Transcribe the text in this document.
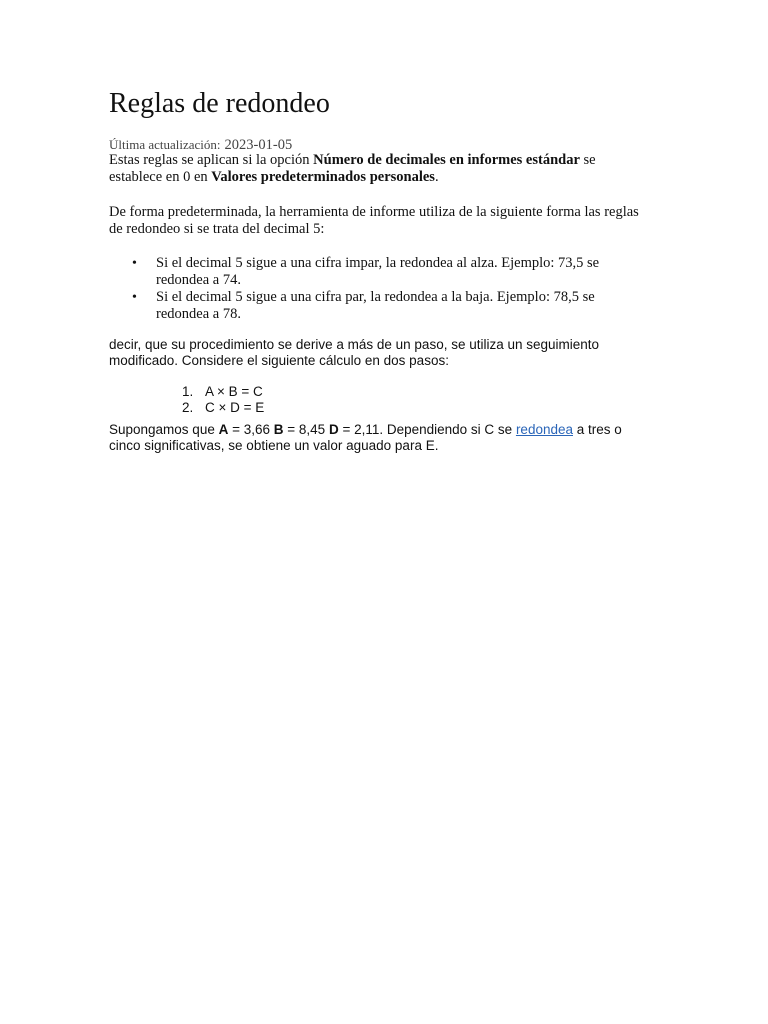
Reglas de redondeo
Última actualización: 2023-01-05

Estas reglas se aplican si la opción Número de decimales en informes estándar se establece en 0 en Valores predeterminados personales.

De forma predeterminada, la herramienta de informe utiliza de la siguiente forma las reglas de redondeo si se trata del decimal 5:

• Si el decimal 5 sigue a una cifra impar, la redondea al alza. Ejemplo: 73,5 se redondea a 74.
• Si el decimal 5 sigue a una cifra par, la redondea a la baja. Ejemplo: 78,5 se redondea a 78.

decir, que su procedimiento se derive a más de un paso, se utiliza un seguimiento modificado. Considere el siguiente cálculo en dos pasos:

1. A × B = C
2. C × D = E

Supongamos que A = 3,66 B = 8,45 D = 2,11. Dependiendo si C se redondea a tres o cinco significativas, se obtiene un valor aguado para E.
